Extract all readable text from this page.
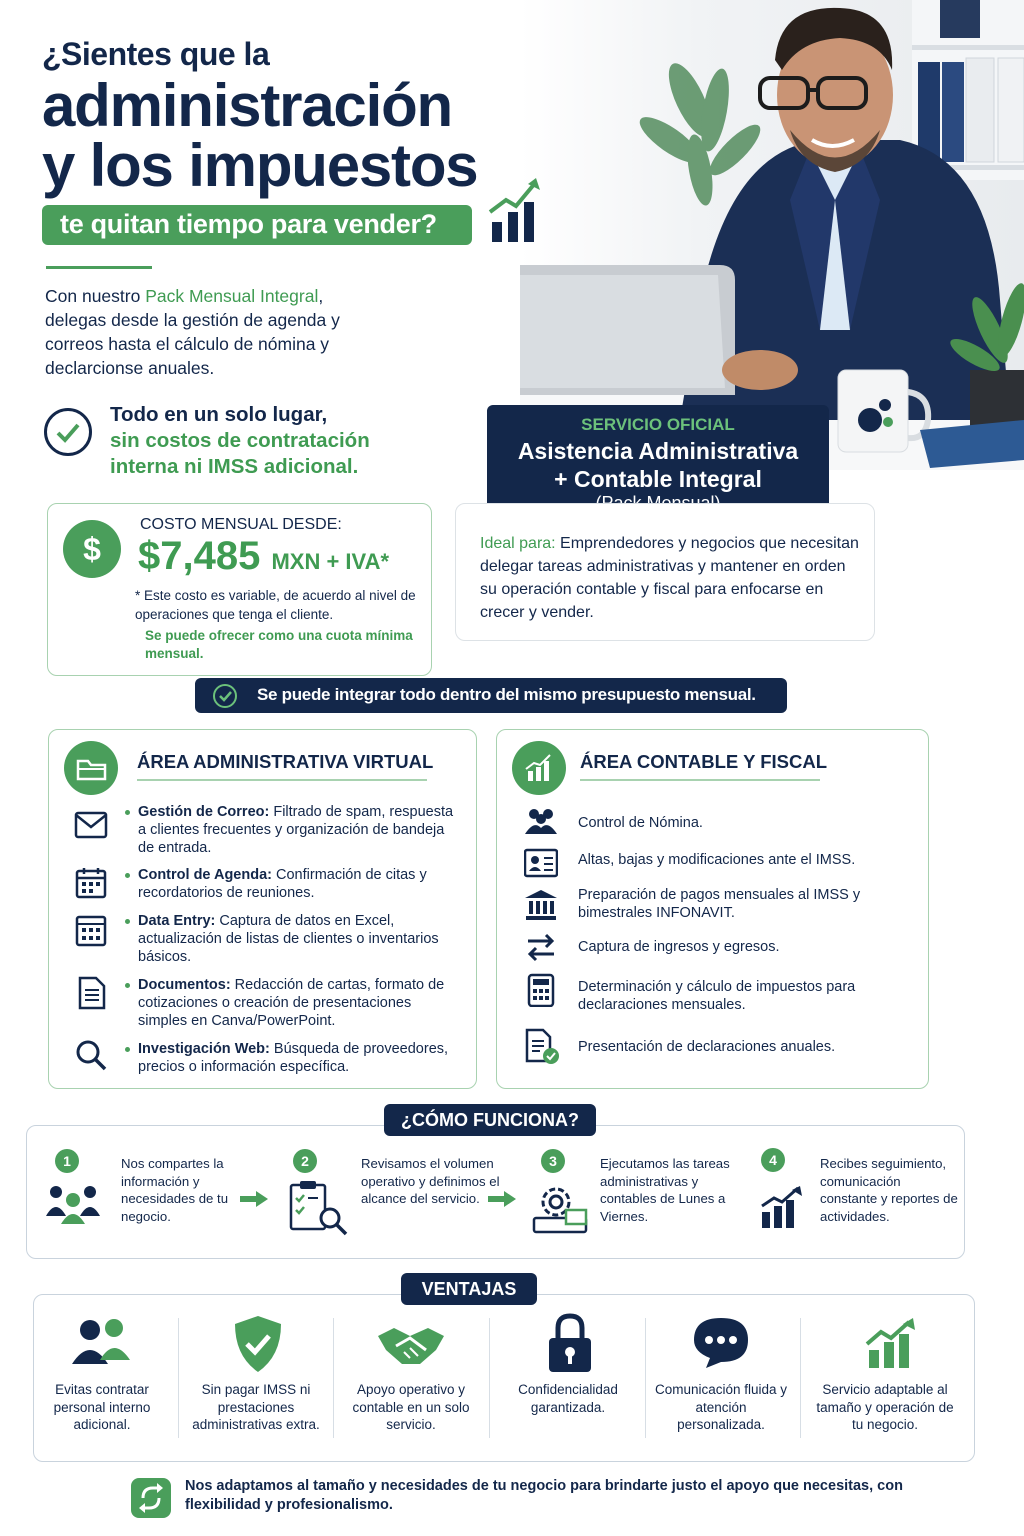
¿Sientes que la
administración
y los impuestos
te quitan tiempo para vender?
Con nuestro Pack Mensual Integral, delegas desde la gestión de agenda y correos hasta el cálculo de nómina y declarcionse anuales.
Todo en un solo lugar,
sin costos de contratación
interna ni IMSS adicional.
SERVICIO OFICIAL
Asistencia Administrativa
+ Contable Integral
$
COSTO MENSUAL DESDE:
$7,485 MXN + IVA*
* Este costo es variable, de acuerdo al nivel de operaciones que tenga el cliente.
Se puede ofrecer como una cuota mínima mensual.
Ideal para: Emprendedores y negocios que necesitan delegar tareas administrativas y mantener en orden su operación contable y fiscal para enfocarse en crecer y vender.
Se puede integrar todo dentro del mismo presupuesto mensual.
ÁREA ADMINISTRATIVA VIRTUAL
Gestión de Correo: Filtrado de spam, respuesta a clientes frecuentes y organización de bandeja de entrada.
Control de Agenda: Confirmación de citas y recordatorios de reuniones.
Data Entry: Captura de datos en Excel, actualización de listas de clientes o inventarios básicos.
Documentos: Redacción de cartas, formato de cotizaciones o creación de presentaciones simples en Canva/PowerPoint.
Investigación Web: Búsqueda de proveedores, precios o información específica.
ÁREA CONTABLE Y FISCAL
Control de Nómina.
Altas, bajas y modificaciones ante el IMSS.
Preparación de pagos mensuales al IMSS y bimestrales INFONAVIT.
Captura de ingresos y egresos.
Determinación y cálculo de impuestos para declaraciones mensuales.
Presentación de declaraciones anuales.
¿CÓMO FUNCIONA?
1	Nos compartes la información y necesidades de tu negocio.
2	Revisamos el volumen operativo y definimos el alcance del servicio.
3	Ejecutamos las tareas administrativas y contables de Lunes a Viernes.
4	Recibes seguimiento, comunicación constante y reportes de actividades.
VENTAJAS
Evitas contratar personal interno adicional.
Sin pagar IMSS ni prestaciones administrativas extra.
Apoyo operativo y contable en un solo servicio.
Confidencialidad garantizada.
Comunicación fluida y atención personalizada.
Servicio adaptable al tamaño y operación de tu negocio.
Nos adaptamos al tamaño y necesidades de tu negocio para brindarte justo el apoyo que necesitas, con flexibilidad y profesionalismo.
